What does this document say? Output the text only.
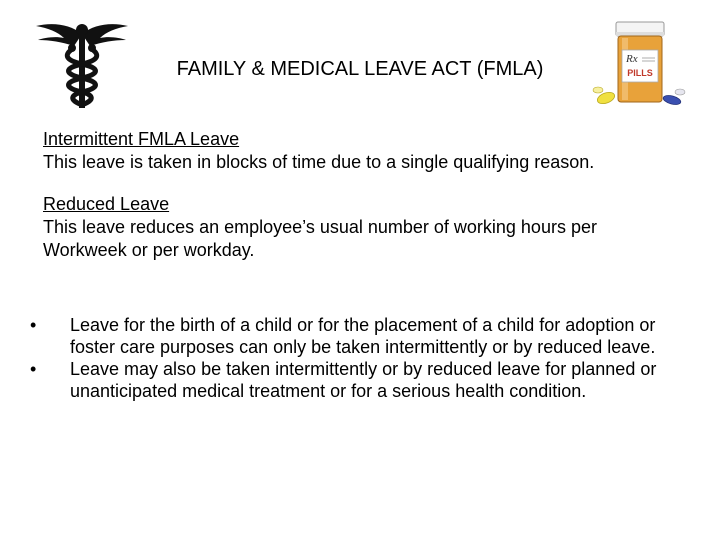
Rx
PILLS
FAMILY & MEDICAL LEAVE ACT (FMLA)
Intermittent FMLA Leave
This leave is taken in blocks of time due to a single qualifying reason.
Reduced Leave
This leave reduces an employee’s usual number of working hours per Workweek or per workday.
• Leave for the birth of a child or for the placement of a child for adoption or foster care purposes can only be taken intermittently or by reduced leave.
• Leave may also be taken intermittently or by reduced leave for planned or unanticipated medical treatment or for a serious health condition.
